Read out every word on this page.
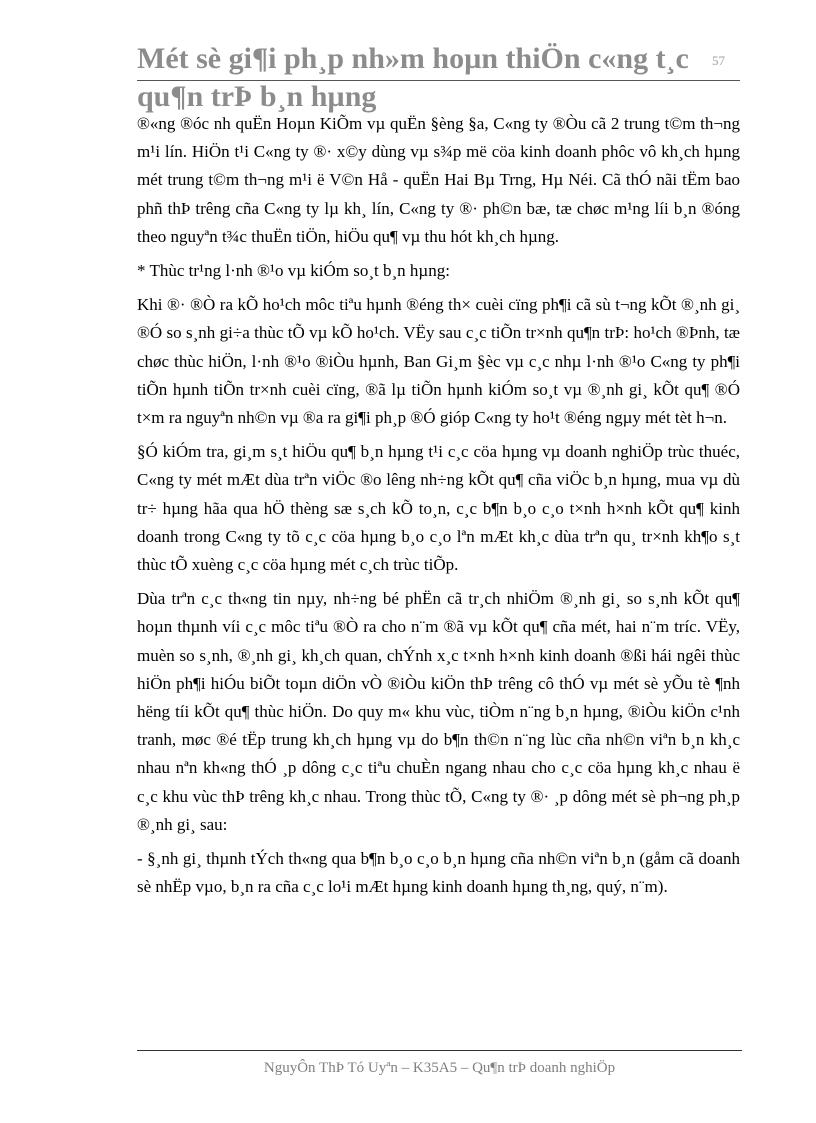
Mét sè gi¶i ph¸p nh»m hoµn thiÖn c«ng t¸c qu¶n trÞ b¸n hµng
57

®«ng ®óc nh quËn Hoµn KiÕm vµ quËn §èng §a, C«ng ty ®Òu cã 2 trung t©m th¬ng m¹i lín. HiÖn t¹i C«ng ty ®· x©y dùng vµ s¾p më cöa kinh doanh phôc vô kh¸ch hµng mét trung t©m th¬ng m¹i ë V©n Hå - quËn Hai Bµ Trng, Hµ Néi. Cã thÓ nãi tËm bao phñ thÞ trêng cña C«ng ty lµ kh¸ lín, C«ng ty ®· ph©n bæ, tæ chøc m¹ng líi b¸n ®óng theo nguyªn t¾c thuËn tiÖn, hiÖu qu¶ vµ thu hót kh¸ch hµng.

* Thùc tr¹ng l·nh ®¹o vµ kiÓm so¸t b¸n hµng:

Khi ®· ®Ò ra kÕ ho¹ch môc tiªu hµnh ®éng th× cuèi cïng ph¶i cã sù t¬ng kÕt ®¸nh gi¸ ®Ó so s¸nh gi÷a thùc tÕ vµ kÕ ho¹ch. VËy sau c¸c tiÕn tr×nh qu¶n trÞ: ho¹ch ®Þnh, tæ chøc thùc hiÖn, l·nh ®¹o ®iÒu hµnh, Ban Gi¸m §èc vµ c¸c nhµ l·nh ®¹o C«ng ty ph¶i tiÕn hµnh tiÕn tr×nh cuèi cïng, ®ã lµ tiÕn hµnh kiÓm so¸t vµ ®¸nh gi¸ kÕt qu¶ ®Ó t×m ra nguyªn nh©n vµ ®a ra gi¶i ph¸p ®Ó gióp C«ng ty ho¹t ®éng ngµy mét tèt h¬n.

§Ó kiÓm tra, gi¸m s¸t hiÖu qu¶ b¸n hµng t¹i c¸c cöa hµng vµ doanh nghiÖp trùc thuéc, C«ng ty mét mÆt dùa trªn viÖc ®o lêng nh÷ng kÕt qu¶ cña viÖc b¸n hµng, mua vµ dù tr÷ hµng hãa qua hÖ thèng sæ s¸ch kÕ to¸n, c¸c b¶n b¸o c¸o t×nh h×nh kÕt qu¶ kinh doanh trong C«ng ty tõ c¸c cöa hµng b¸o c¸o lªn mÆt kh¸c dùa trªn qu¸ tr×nh kh¶o s¸t thùc tÕ xuèng c¸c cöa hµng mét c¸ch trùc tiÕp.

Dùa trªn c¸c th«ng tin nµy, nh÷ng bé phËn cã tr¸ch nhiÖm ®¸nh gi¸ so s¸nh kÕt qu¶ hoµn thµnh víi c¸c môc tiªu ®Ò ra cho n¨m ®ã vµ kÕt qu¶ cña mét, hai n¨m tríc. VËy, muèn so s¸nh, ®¸nh gi¸ kh¸ch quan, chÝnh x¸c t×nh h×nh kinh doanh ®ßi hái ngêi thùc hiÖn ph¶i hiÓu biÕt toµn diÖn vÒ ®iÒu kiÖn thÞ trêng cô thÓ vµ mét sè yÕu tè ¶nh hëng tíi kÕt qu¶ thùc hiÖn. Do quy m« khu vùc, tiÒm n¨ng b¸n hµng, ®iÒu kiÖn c¹nh tranh, møc ®é tËp trung kh¸ch hµng vµ do b¶n th©n n¨ng lùc cña nh©n viªn b¸n kh¸c nhau nªn kh«ng thÓ ¸p dông c¸c tiªu chuÈn ngang nhau cho c¸c cöa hµng kh¸c nhau ë c¸c khu vùc thÞ trêng kh¸c nhau. Trong thùc tÕ, C«ng ty ®· ¸p dông mét sè ph¬ng ph¸p ®¸nh gi¸ sau:

- §¸nh gi¸ thµnh tÝch th«ng qua b¶n b¸o c¸o b¸n hµng cña nh©n viªn b¸n (gåm cã doanh sè nhËp vµo, b¸n ra cña c¸c lo¹i mÆt hµng kinh doanh hµng th¸ng, quý, n¨m).

NguyÔn ThÞ Tó Uyªn – K35A5 – Qu¶n trÞ doanh nghiÖp
